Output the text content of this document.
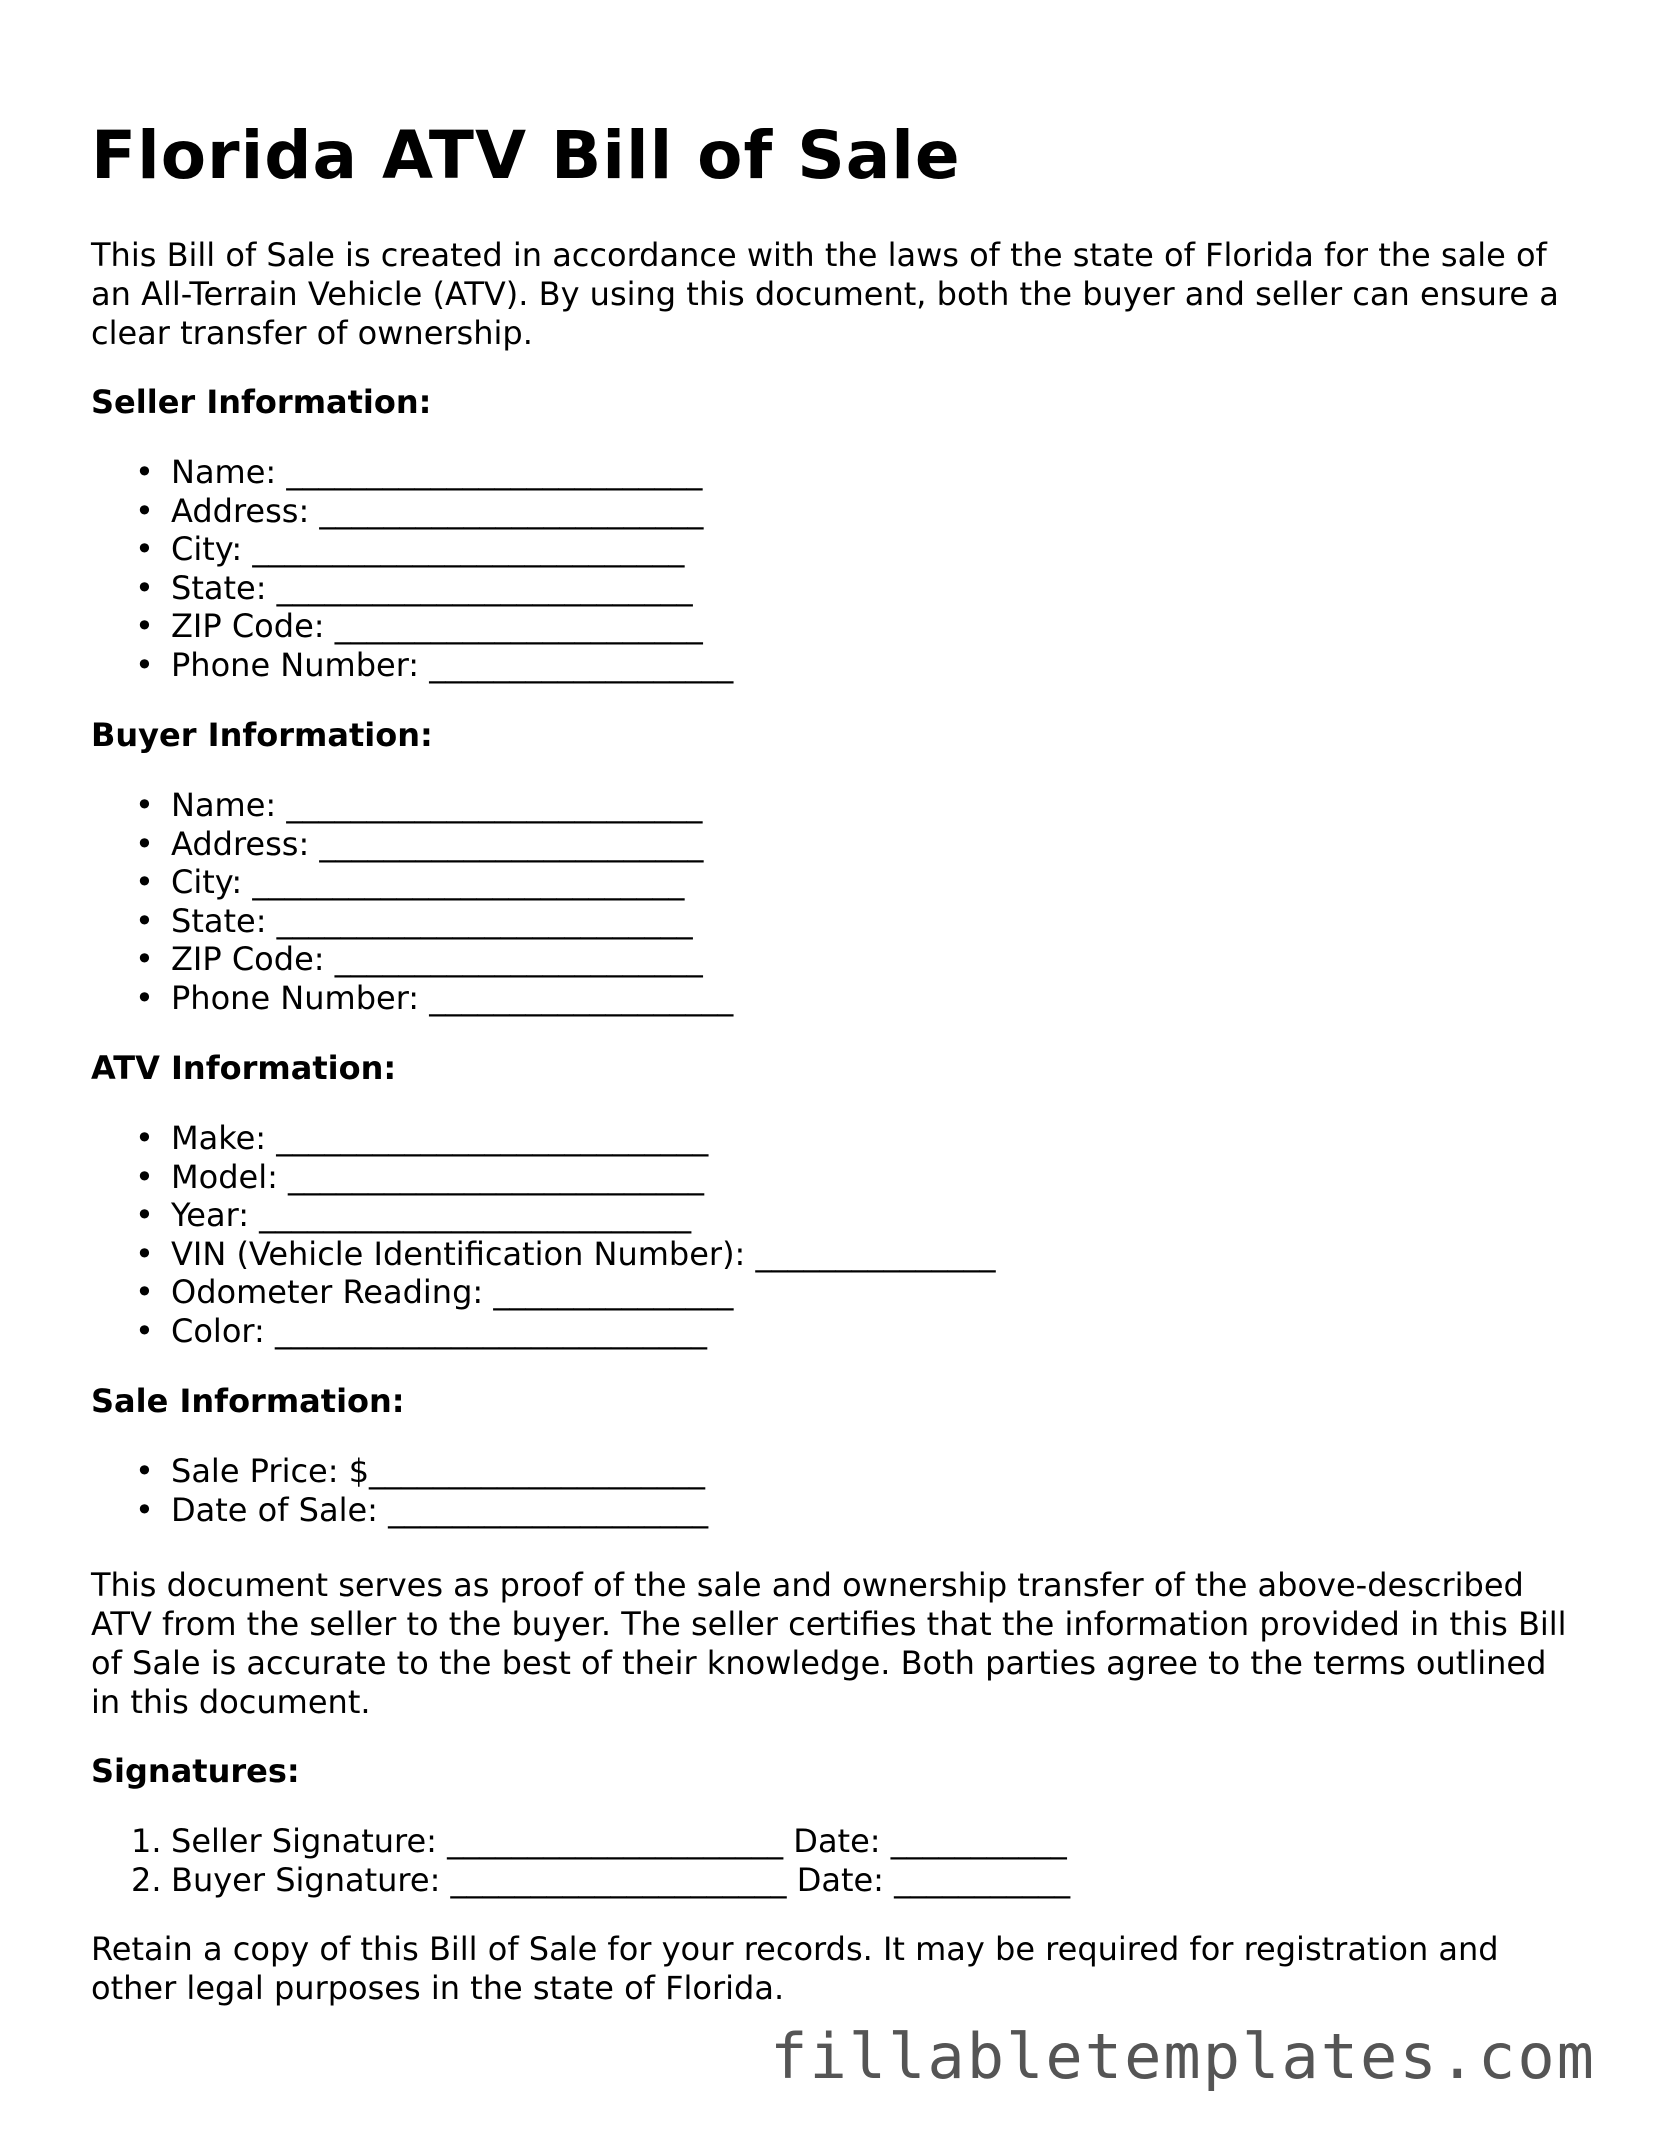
Florida ATV Bill of Sale

This Bill of Sale is created in accordance with the laws of the state of Florida for the sale of an All-Terrain Vehicle (ATV). By using this document, both the buyer and seller can ensure a clear transfer of ownership.

Seller Information:

• Name: __________________________
• Address: ________________________
• City: ___________________________
• State: __________________________
• ZIP Code: _______________________
• Phone Number: ___________________

Buyer Information:

• Name: __________________________
• Address: ________________________
• City: ___________________________
• State: __________________________
• ZIP Code: _______________________
• Phone Number: ___________________

ATV Information:

• Make: ___________________________
• Model: __________________________
• Year: ___________________________
• VIN (Vehicle Identification Number): _______________
• Odometer Reading: _______________
• Color: ___________________________

Sale Information:

• Sale Price: $_____________________
• Date of Sale: ____________________

This document serves as proof of the sale and ownership transfer of the above-described ATV from the seller to the buyer. The seller certifies that the information provided in this Bill of Sale is accurate to the best of their knowledge. Both parties agree to the terms outlined in this document.

Signatures:

1. Seller Signature: _____________________ Date: ___________
2. Buyer Signature: _____________________ Date: ___________

Retain a copy of this Bill of Sale for your records. It may be required for registration and other legal purposes in the state of Florida.

fillabletemplates.com
